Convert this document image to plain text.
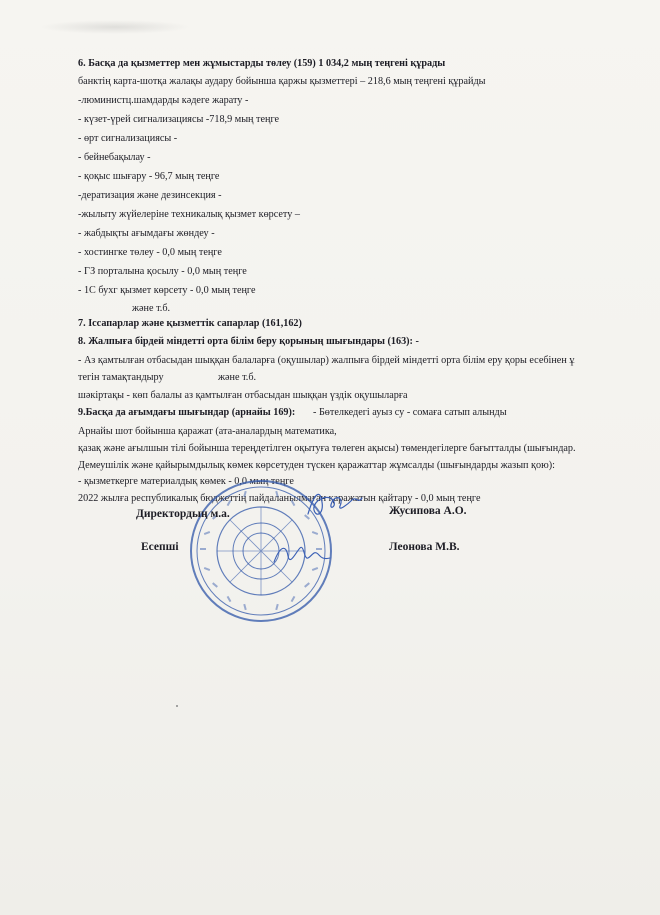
6. Басқа да қызметтер мен жұмыстарды төлеу (159) 1 034,2 мың теңгені құрады
банктің карта-шотқа жалақы аудару бойынша қаржы қызметтері – 218,6 мың теңгені құрайды
-люминистц.шамдарды кәдеге жарату -
- күзет-үрей сигнализациясы -718,9 мың теңге
- өрт сигнализациясы -
- бейнебақылау -
- қоқыс шығару - 96,7 мың теңге
-дератизация және дезинсекция -
-жылыту жүйелеріне техникалық қызмет көрсету –
- жабдықты ағымдағы жөндеу -
- хостингке төлеу - 0,0 мың теңге
- ГЗ порталына қосылу - 0,0 мың теңге
- 1С бухг қызмет көрсету - 0,0 мың теңге
және т.б.
7. Іссапарлар және қызметтік сапарлар (161,162)
8. Жалпыға бірдей міндетті орта білім беру қорының шығындары (163): -
- Аз қамтылған отбасыдан шыққан балаларға (оқушылар) жалпыға бірдей міндетті орта білім еру қоры есебінен ұ
тегін тамақтандыру	және т.б.
шәкіртақы - көп балалы аз қамтылған отбасыдан шыққан үздік оқушыларға
9.Басқа да ағымдағы шығындар (арнайы 169): - Бөтелкедегі ауыз су - сомаға сатып алынды
Арнайы шот бойынша қаражат (ата-аналардың математика,
қазақ және ағылшын тілі бойынша тереңдетілген оқытуға төлеген ақысы) төмендегілерге бағытталды (шығындар.
Демеушілік және қайырымдылық көмек көрсетуден түскен қаражаттар жұмсалды (шығындарды жазып қою):
- қызметкерге материалдық көмек - 0,0 мың теңге
2022 жылға республикалық бюджеттің пайдаланылмаған қаражатын қайтару - 0,0 мың теңге
Директордың м.а.	Жусипова А.О.
Есепші	Леонова М.В.
